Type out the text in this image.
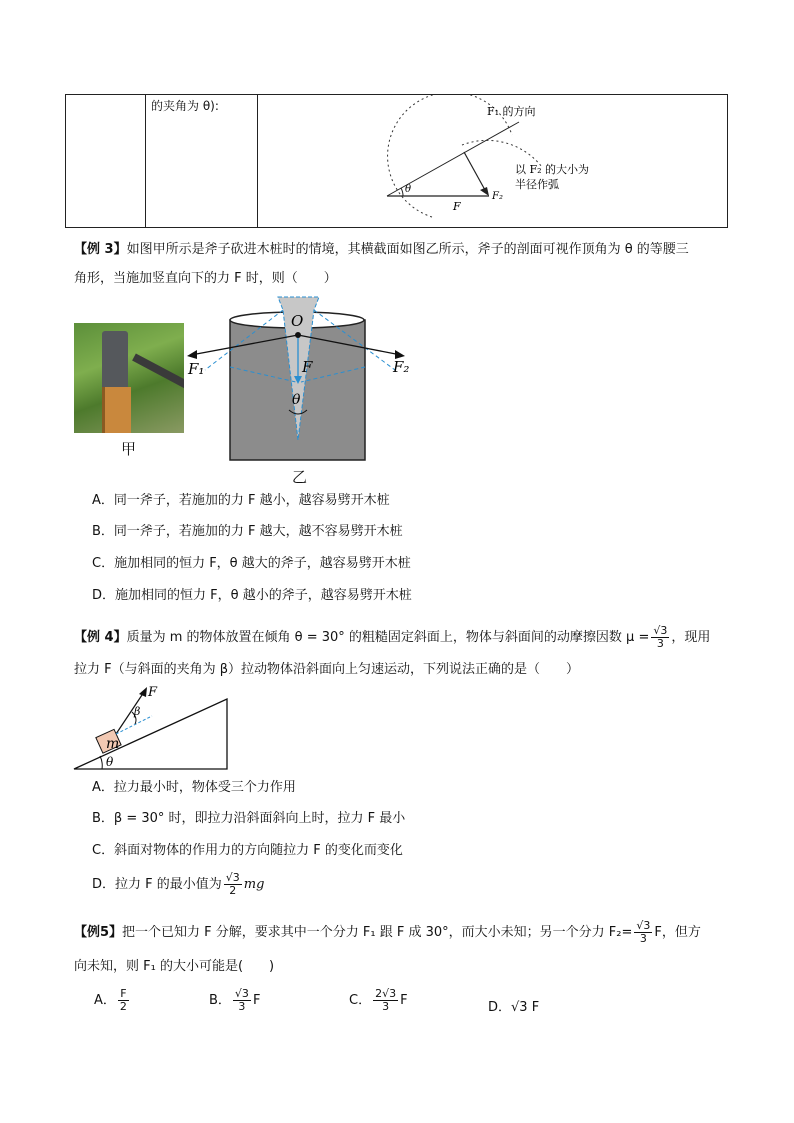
的夹角为 θ):
θ
F
F₂
F₁ 的方向
以 F₂ 的大小为
半径作弧
【例 3】如图甲所示是斧子砍进木桩时的情境，其横截面如图乙所示，斧子的剖面可视作顶角为 θ 的等腰三
角形，当施加竖直向下的力 F 时，则（　　）
甲
O
F
F₁	F₂
θ
乙
A．同一斧子，若施加的力 F 越小，越容易劈开木桩
B．同一斧子，若施加的力 F 越大，越不容易劈开木桩
C．施加相同的恒力 F，θ 越大的斧子，越容易劈开木桩
D．施加相同的恒力 F，θ 越小的斧子，越容易劈开木桩
【例 4】质量为 m 的物体放置在倾角 θ = 30° 的粗糙固定斜面上，物体与斜面间的动摩擦因数 $\mu = \frac{√3}{3}$ ，现用
拉力 F（与斜面的夹角为 β）拉动物体沿斜面向上匀速运动，下列说法正确的是（　　）
m
F
β
θ
A．拉力最小时，物体受三个力作用
B．β = 30° 时，即拉力沿斜面斜向上时，拉力 F 最小
C．斜面对物体的作用力的方向随拉力 F 的变化而变化
D．拉力 F 的最小值为 $\frac{√3}{2}$ mg
【例5】把一个已知力 F 分解，要求其中一个分力 F₁ 跟 F 成 30°，而大小未知；另一个分力 $F_2= \frac{√3}{3}$ F，但方
向未知，则 F₁ 的大小可能是(　　)
A． $\frac{F}{2}$	B． $\frac{√3}{3}$ F	C． $\frac{2√3}{3}$ F	D．√3 F
